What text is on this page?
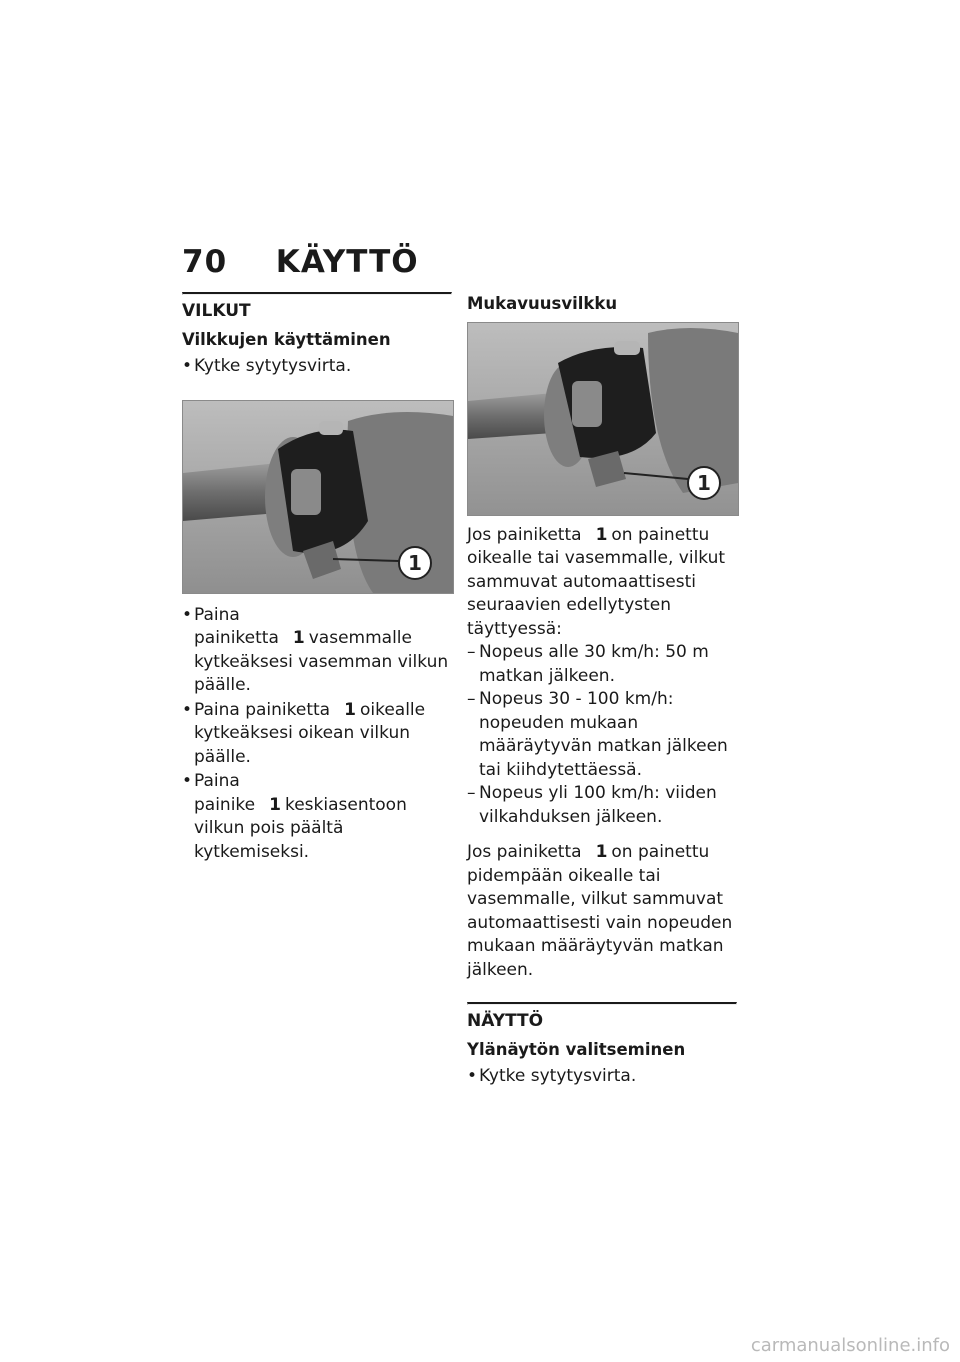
70 KÄYTTÖ
VILKUT
Vilkkujen käyttäminen
• Kytke sytytysvirta.
1
• Paina painiketta 1 vasemmalle kytkeäksesi vasemman vilkun päälle.
• Paina painiketta 1 oikealle kytkeäksesi oikean vilkun päälle.
• Paina painike 1 keskiasentoon vilkun pois päältä kytkemiseksi.
Mukavuusvilkku
1

Jos painiketta 1 on painettu oikealle tai vasemmalle, vilkut sammuvat automaattisesti seuraavien edellytysten täyttyessä:

– Nopeus alle 30 km/h: 50 m matkan jälkeen.
– Nopeus 30 - 100 km/h: nopeuden mukaan määräytyvän matkan jälkeen tai kiihdytettäessä.
– Nopeus yli 100 km/h: viiden vilkahduksen jälkeen.

Jos painiketta 1 on painettu pidempään oikealle tai vasemmalle, vilkut sammuvat automaattisesti vain nopeuden mukaan määräytyvän matkan jälkeen.

NÄYTTÖ
Ylänäytön valitseminen
• Kytke sytytysvirta.
carmanualsonline.info
